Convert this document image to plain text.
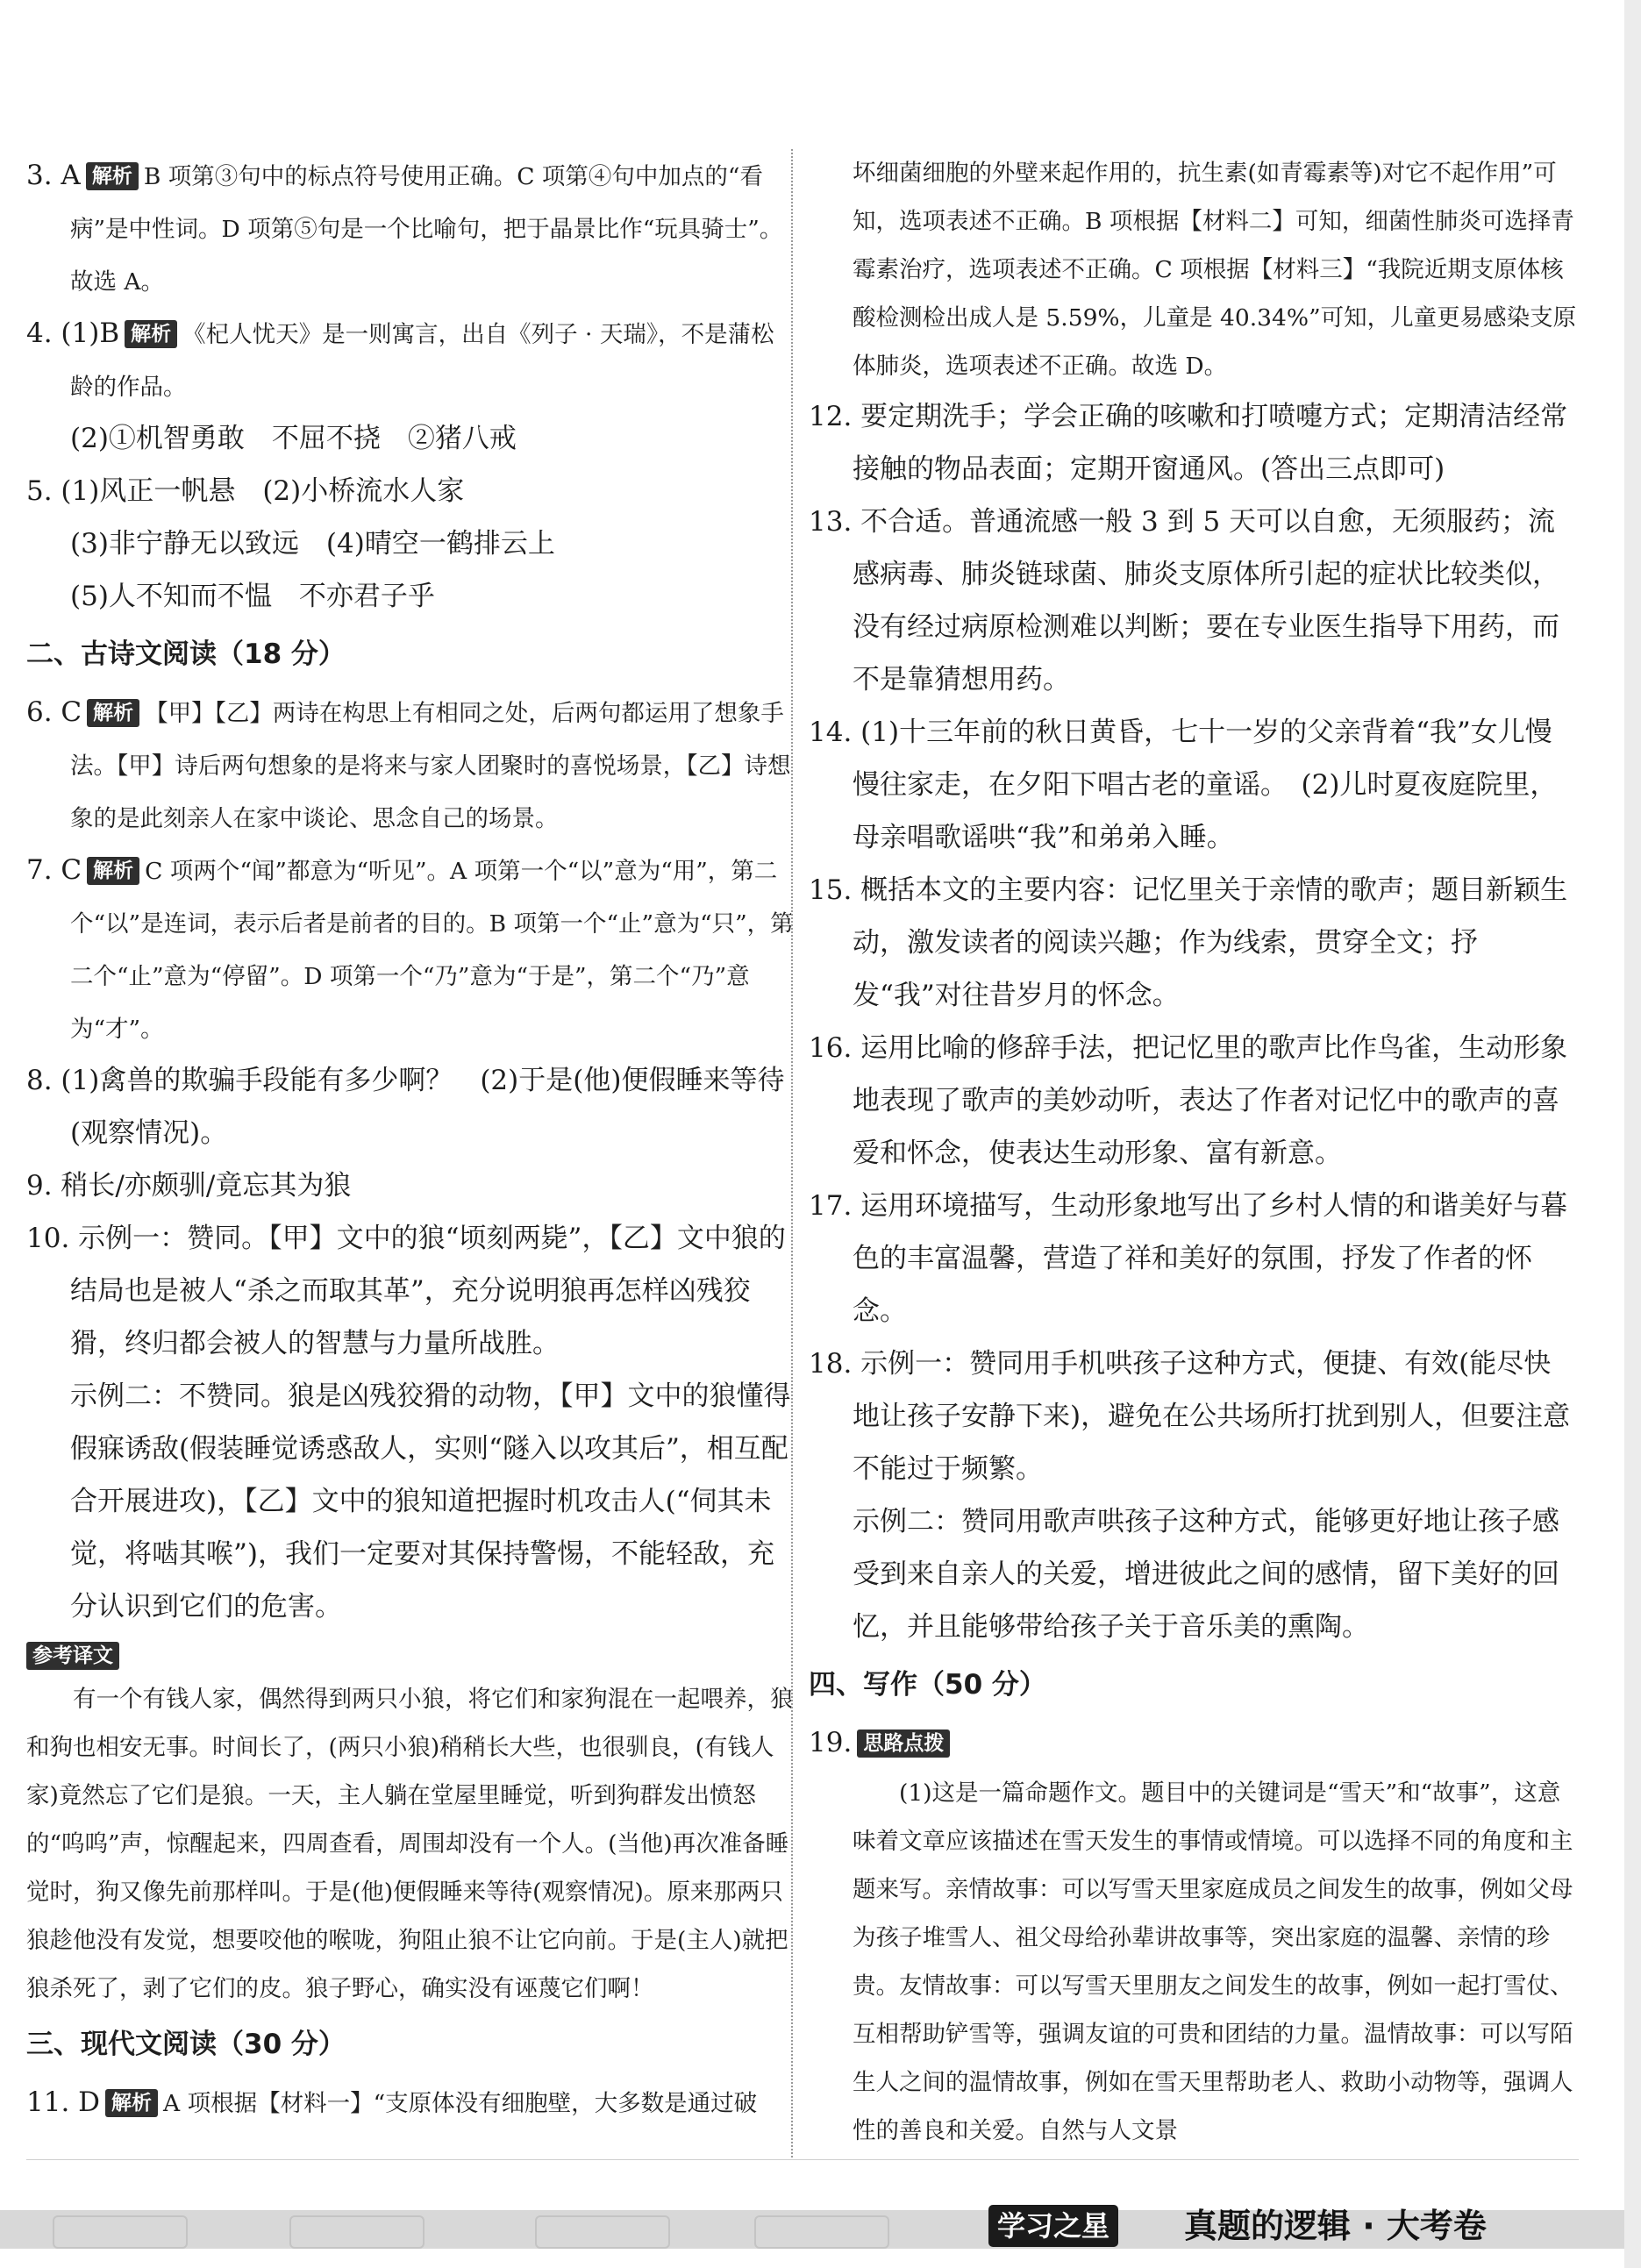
3. A 解析 B 项第③句中的标点符号使用正确。C 项第④句中加点的“看病”是中性词。D 项第⑤句是一个比喻句，把于晶景比作“玩具骑士”。故选 A。

4. (1)B 解析 《杞人忧天》是一则寓言，出自《列子 · 天瑞》，不是蒲松龄的作品。

(2)①机智勇敢　不屈不挠　②猪八戒

5. (1)风正一帆悬　(2)小桥流水人家

(3)非宁静无以致远　(4)晴空一鹤排云上

(5)人不知而不愠　不亦君子乎

二、古诗文阅读（18 分）

6. C 解析 【甲】【乙】两诗在构思上有相同之处，后两句都运用了想象手法。【甲】诗后两句想象的是将来与家人团聚时的喜悦场景，【乙】诗想象的是此刻亲人在家中谈论、思念自己的场景。

7. C 解析 C 项两个“闻”都意为“听见”。A 项第一个“以”意为“用”，第二个“以”是连词，表示后者是前者的目的。B 项第一个“止”意为“只”，第二个“止”意为“停留”。D 项第一个“乃”意为“于是”，第二个“乃”意为“才”。

8. (1)禽兽的欺骗手段能有多少啊？　(2)于是(他)便假睡来等待(观察情况)。

9. 稍长/亦颇驯/竟忘其为狼

10. 示例一：赞同。【甲】文中的狼“顷刻两毙”，【乙】文中狼的结局也是被人“杀之而取其革”，充分说明狼再怎样凶残狡猾，终归都会被人的智慧与力量所战胜。

示例二：不赞同。狼是凶残狡猾的动物，【甲】文中的狼懂得假寐诱敌(假装睡觉诱惑敌人，实则“隧入以攻其后”，相互配合开展进攻)，【乙】文中的狼知道把握时机攻击人(“伺其未觉，将啮其喉”)，我们一定要对其保持警惕，不能轻敌，充分认识到它们的危害。

参考译文

有一个有钱人家，偶然得到两只小狼，将它们和家狗混在一起喂养，狼和狗也相安无事。时间长了，(两只小狼)稍稍长大些，也很驯良，(有钱人家)竟然忘了它们是狼。一天，主人躺在堂屋里睡觉，听到狗群发出愤怒的“呜呜”声，惊醒起来，四周查看，周围却没有一个人。(当他)再次准备睡觉时，狗又像先前那样叫。于是(他)便假睡来等待(观察情况)。原来那两只狼趁他没有发觉，想要咬他的喉咙，狗阻止狼不让它向前。于是(主人)就把狼杀死了，剥了它们的皮。狼子野心，确实没有诬蔑它们啊！

三、现代文阅读（30 分）

11. D 解析 A 项根据【材料一】“支原体没有细胞壁，大多数是通过破

坏细菌细胞的外壁来起作用的，抗生素(如青霉素等)对它不起作用”可知，选项表述不正确。B 项根据【材料二】可知，细菌性肺炎可选择青霉素治疗，选项表述不正确。C 项根据【材料三】“我院近期支原体核酸检测检出成人是 5.59%，儿童是 40.34%”可知，儿童更易感染支原体肺炎，选项表述不正确。故选 D。

12. 要定期洗手；学会正确的咳嗽和打喷嚏方式；定期清洁经常接触的物品表面；定期开窗通风。(答出三点即可)

13. 不合适。普通流感一般 3 到 5 天可以自愈，无须服药；流感病毒、肺炎链球菌、肺炎支原体所引起的症状比较类似，没有经过病原检测难以判断；要在专业医生指导下用药，而不是靠猜想用药。

14. (1)十三年前的秋日黄昏，七十一岁的父亲背着“我”女儿慢慢往家走，在夕阳下唱古老的童谣。　(2)儿时夏夜庭院里，母亲唱歌谣哄“我”和弟弟入睡。

15. 概括本文的主要内容：记忆里关于亲情的歌声；题目新颖生动，激发读者的阅读兴趣；作为线索，贯穿全文；抒发“我”对往昔岁月的怀念。

16. 运用比喻的修辞手法，把记忆里的歌声比作鸟雀，生动形象地表现了歌声的美妙动听，表达了作者对记忆中的歌声的喜爱和怀念，使表达生动形象、富有新意。

17. 运用环境描写，生动形象地写出了乡村人情的和谐美好与暮色的丰富温馨，营造了祥和美好的氛围，抒发了作者的怀念。

18. 示例一：赞同用手机哄孩子这种方式，便捷、有效(能尽快地让孩子安静下来)，避免在公共场所打扰到别人，但要注意不能过于频繁。

示例二：赞同用歌声哄孩子这种方式，能够更好地让孩子感受到来自亲人的关爱，增进彼此之间的感情，留下美好的回忆，并且能够带给孩子关于音乐美的熏陶。

四、写作（50 分）

19. 思路点拨

(1)这是一篇命题作文。题目中的关键词是“雪天”和“故事”，这意味着文章应该描述在雪天发生的事情或情境。可以选择不同的角度和主题来写。亲情故事：可以写雪天里家庭成员之间发生的故事，例如父母为孩子堆雪人、祖父母给孙辈讲故事等，突出家庭的温馨、亲情的珍贵。友情故事：可以写雪天里朋友之间发生的故事，例如一起打雪仗、互相帮助铲雪等，强调友谊的可贵和团结的力量。温情故事：可以写陌生人之间的温情故事，例如在雪天里帮助老人、救助小动物等，强调人性的善良和关爱。自然与人文景

学习之星 真题的逻辑 · 大考卷
